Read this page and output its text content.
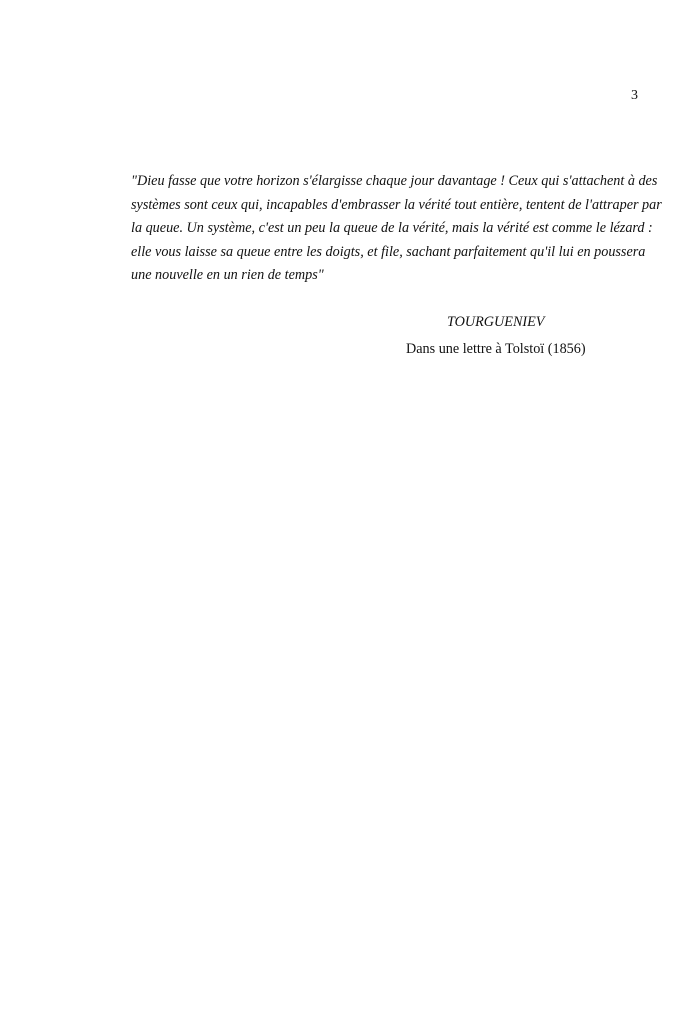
3
"Dieu fasse que votre horizon s'élargisse chaque jour davantage ! Ceux qui s'attachent à des
systèmes sont ceux qui, incapables d'embrasser la vérité tout entière, tentent de l'attraper par
la queue. Un système, c'est un peu la queue de la vérité, mais la vérité est comme le lézard :
elle vous laisse sa queue entre les doigts, et file, sachant parfaitement qu'il lui en poussera
une nouvelle en un rien de temps"
TOURGUENIEV
Dans une lettre à Tolstoï (1856)
